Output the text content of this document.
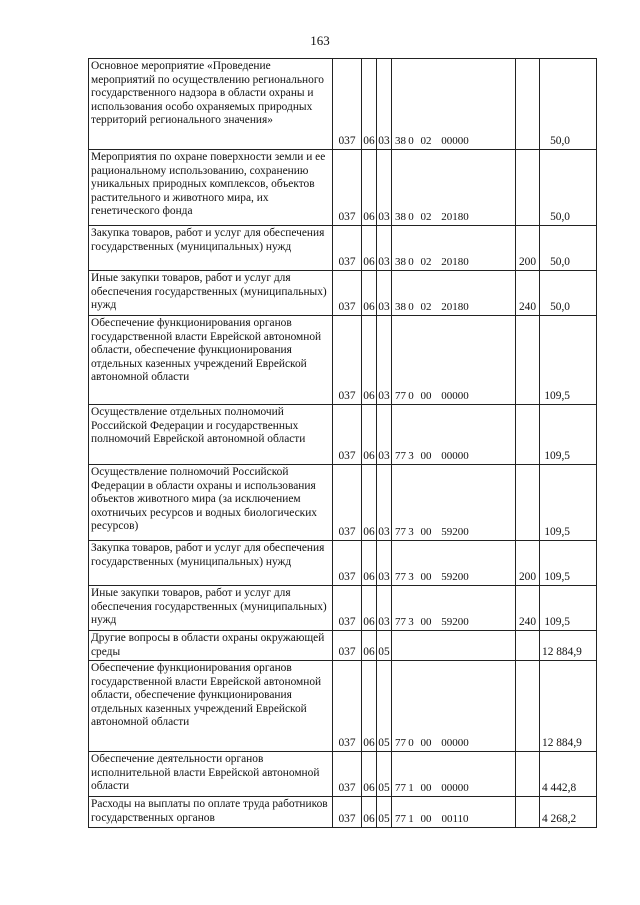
163
Основное мероприятие «Проведение мероприятий по осуществлению регионального государственного надзора в области охраны и использования особо охраняемых природных территорий регионального значения»	037	06	03	38 0 02 00000		50,0
Мероприятия по охране поверхности земли и ее рациональному использованию, сохранению уникальных природных комплексов, объектов растительного и животного мира, их генетического фонда	037	06	03	38 0 02 20180		50,0
Закупка товаров, работ и услуг для обеспечения государственных (муниципальных) нужд	037	06	03	38 0 02 20180	200	50,0
Иные закупки товаров, работ и услуг для обеспечения государственных (муниципальных) нужд	037	06	03	38 0 02 20180	240	50,0
Обеспечение функционирования органов государственной власти Еврейской автономной области, обеспечение функционирования отдельных казенных учреждений Еврейской автономной области	037	06	03	77 0 00 00000		109,5
Осуществление отдельных полномочий Российской Федерации и государственных полномочий Еврейской автономной области	037	06	03	77 3 00 00000		109,5
Осуществление полномочий Российской Федерации в области охраны и использования объектов животного мира (за исключением охотничьих ресурсов и водных биологических ресурсов)	037	06	03	77 3 00 59200		109,5
Закупка товаров, работ и услуг для обеспечения государственных (муниципальных) нужд	037	06	03	77 3 00 59200	200	109,5
Иные закупки товаров, работ и услуг для обеспечения государственных (муниципальных) нужд	037	06	03	77 3 00 59200	240	109,5
Другие вопросы в области охраны окружающей среды	037	06	05			12 884,9
Обеспечение функционирования органов государственной власти Еврейской автономной области, обеспечение функционирования отдельных казенных учреждений Еврейской автономной области	037	06	05	77 0 00 00000		12 884,9
Обеспечение деятельности органов исполнительной власти Еврейской автономной области	037	06	05	77 1 00 00000		4 442,8
Расходы на выплаты по оплате труда работников государственных органов	037	06	05	77 1 00 00110		4 268,2
